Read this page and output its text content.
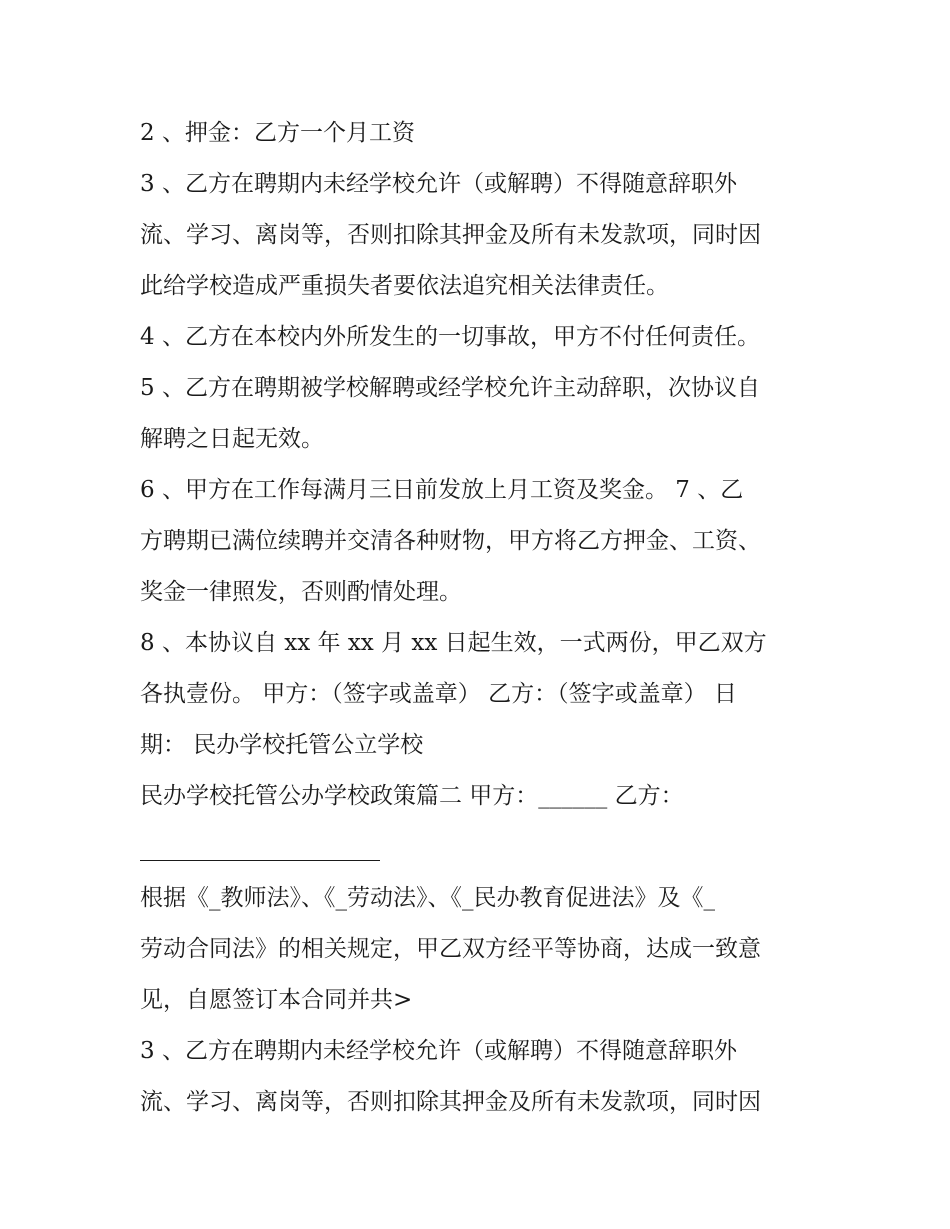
2 、押金：乙方一个月工资
3 、乙方在聘期内未经学校允许（或解聘）不得随意辞职外
流、学习、离岗等，否则扣除其押金及所有未发款项，同时因
此给学校造成严重损失者要依法追究相关法律责任。
4 、乙方在本校内外所发生的一切事故，甲方不付任何责任。
5 、乙方在聘期被学校解聘或经学校允许主动辞职，次协议自
解聘之日起无效。
6 、甲方在工作每满月三日前发放上月工资及奖金。 7 、乙
方聘期已满位续聘并交清各种财物，甲方将乙方押金、工资、
奖金一律照发，否则酌情处理。
8 、本协议自 xx 年 xx 月 xx 日起生效，一式两份，甲乙双方
各执壹份。 甲方：（签字或盖章） 乙方：（签字或盖章） 日
期： 民办学校托管公立学校
民办学校托管公办学校政策篇二 甲方：______ 乙方：
根据《_教师法》、《_劳动法》、《_民办教育促进法》及《_
劳动合同法》的相关规定，甲乙双方经平等协商，达成一致意
见，自愿签订本合同并共>
3 、乙方在聘期内未经学校允许（或解聘）不得随意辞职外
流、学习、离岗等，否则扣除其押金及所有未发款项，同时因
